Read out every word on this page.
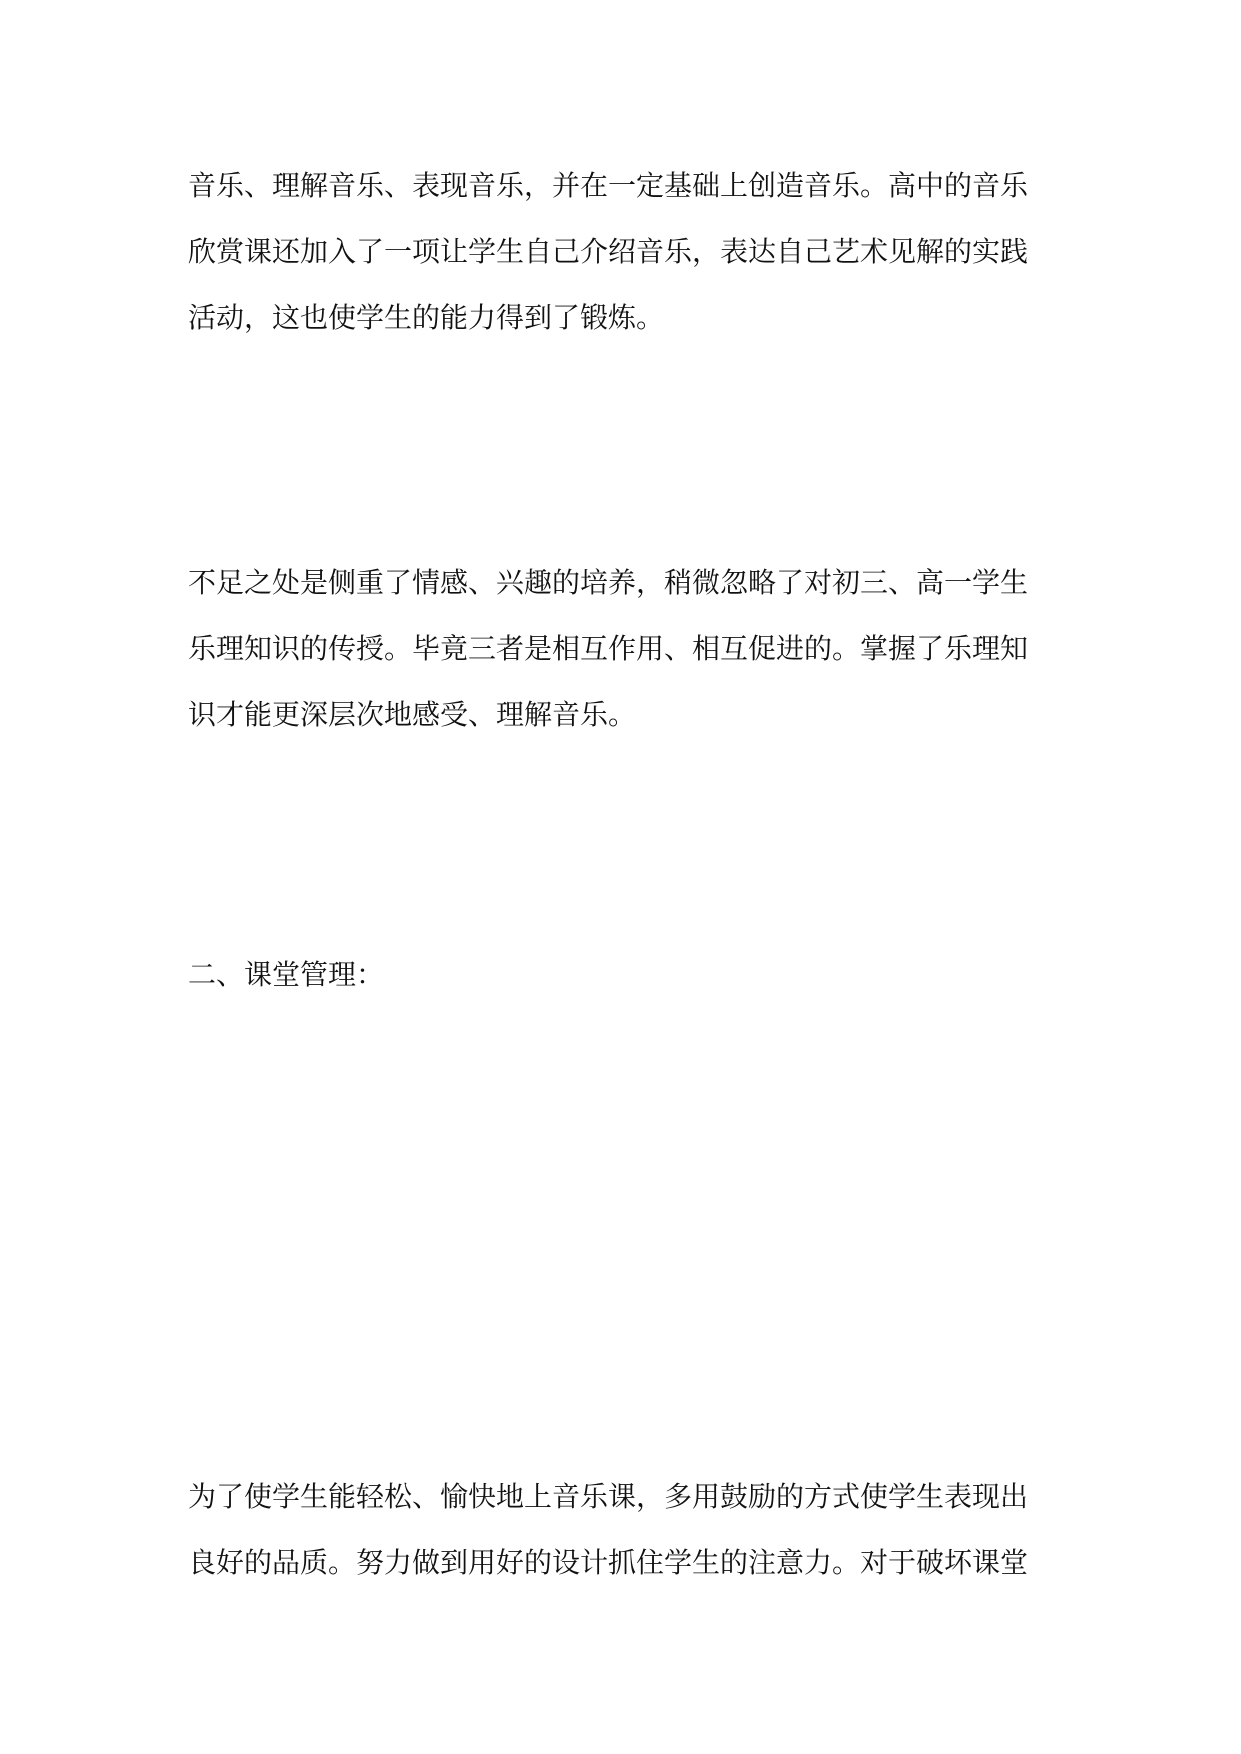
音乐、理解音乐、表现音乐，并在一定基础上创造音乐。高中的音乐
欣赏课还加入了一项让学生自己介绍音乐，表达自己艺术见解的实践
活动，这也使学生的能力得到了锻炼。
不足之处是侧重了情感、兴趣的培养，稍微忽略了对初三、高一学生
乐理知识的传授。毕竟三者是相互作用、相互促进的。掌握了乐理知
识才能更深层次地感受、理解音乐。
二、课堂管理：
为了使学生能轻松、愉快地上音乐课，多用鼓励的方式使学生表现出
良好的品质。努力做到用好的设计抓住学生的注意力。对于破坏课堂
